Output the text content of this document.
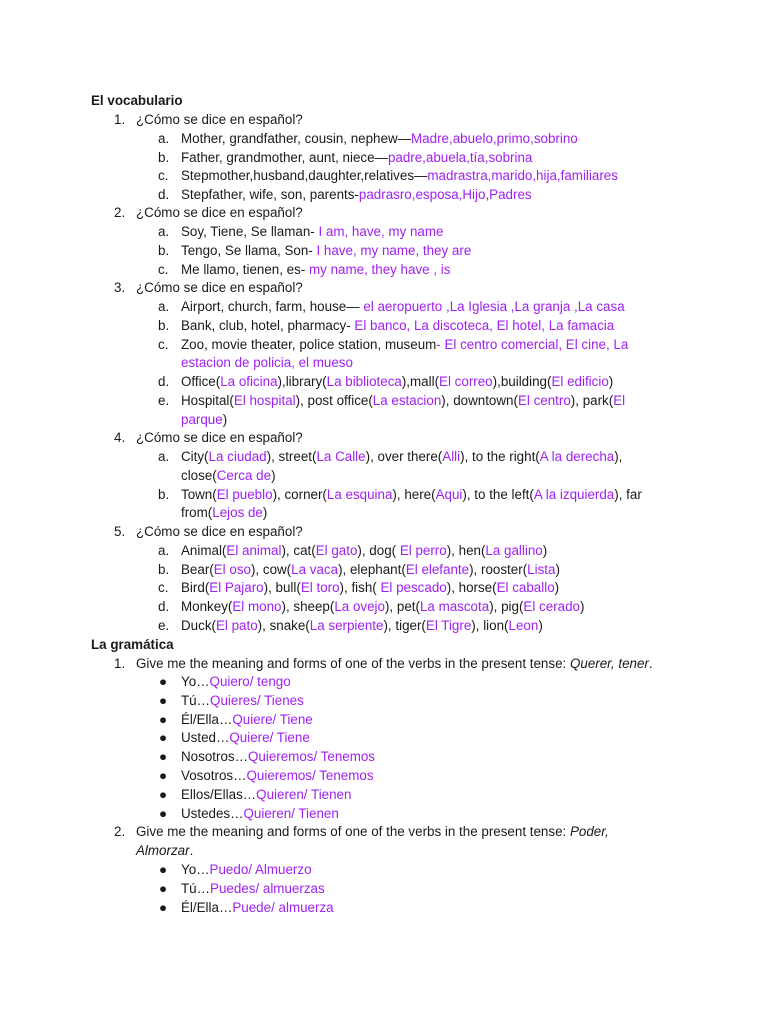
El vocabulario
1. ¿Cómo se dice en español?
a. Mother, grandfather, cousin, nephew—Madre,abuelo,primo,sobrino
b. Father, grandmother, aunt, niece—padre,abuela,tía,sobrina
c. Stepmother,husband,daughter,relatives—madrastra,marido,hija,familiares
d. Stepfather, wife, son, parents-padrasro,esposa,Hijo,Padres
2. ¿Cómo se dice en español?
a. Soy, Tiene, Se llaman- I am, have, my name
b. Tengo, Se llama, Son- I have, my name, they are
c. Me llamo, tienen, es- my name, they have , is
3. ¿Cómo se dice en español?
a. Airport, church, farm, house— el aeropuerto ,La Iglesia ,La granja ,La casa
b. Bank, club, hotel, pharmacy- El banco, La discoteca, El hotel, La famacia
c. Zoo, movie theater, police station, museum- El centro comercial, El cine, La
estacion de policia, el mueso
d. Office(La oficina),library(La biblioteca),mall(El correo),building(El edificio)
e. Hospital(El hospital), post office(La estacion), downtown(El centro), park(El
parque)
4. ¿Cómo se dice en español?
a. City(La ciudad), street(La Calle), over there(Alli), to the right(A la derecha),
close(Cerca de)
b. Town(El pueblo), corner(La esquina), here(Aqui), to the left(A la izquierda), far
from(Lejos de)
5. ¿Cómo se dice en español?
a. Animal(El animal), cat(El gato), dog( El perro), hen(La gallino)
b. Bear(El oso), cow(La vaca), elephant(El elefante), rooster(Lista)
c. Bird(El Pajaro), bull(El toro), fish( El pescado), horse(El caballo)
d. Monkey(El mono), sheep(La ovejo), pet(La mascota), pig(El cerado)
e. Duck(El pato), snake(La serpiente), tiger(El Tigre), lion(Leon)
La gramática
1. Give me the meaning and forms of one of the verbs in the present tense: Querer, tener.
● Yo…Quiero/ tengo
● Tú…Quieres/ Tienes
● Él/Ella…Quiere/ Tiene
● Usted…Quiere/ Tiene
● Nosotros…Quieremos/ Tenemos
● Vosotros…Quieremos/ Tenemos
● Ellos/Ellas…Quieren/ Tienen
● Ustedes…Quieren/ Tienen
2. Give me the meaning and forms of one of the verbs in the present tense: Poder,
Almorzar.
● Yo…Puedo/ Almuerzo
● Tú…Puedes/ almuerzas
● Él/Ella…Puede/ almuerza
